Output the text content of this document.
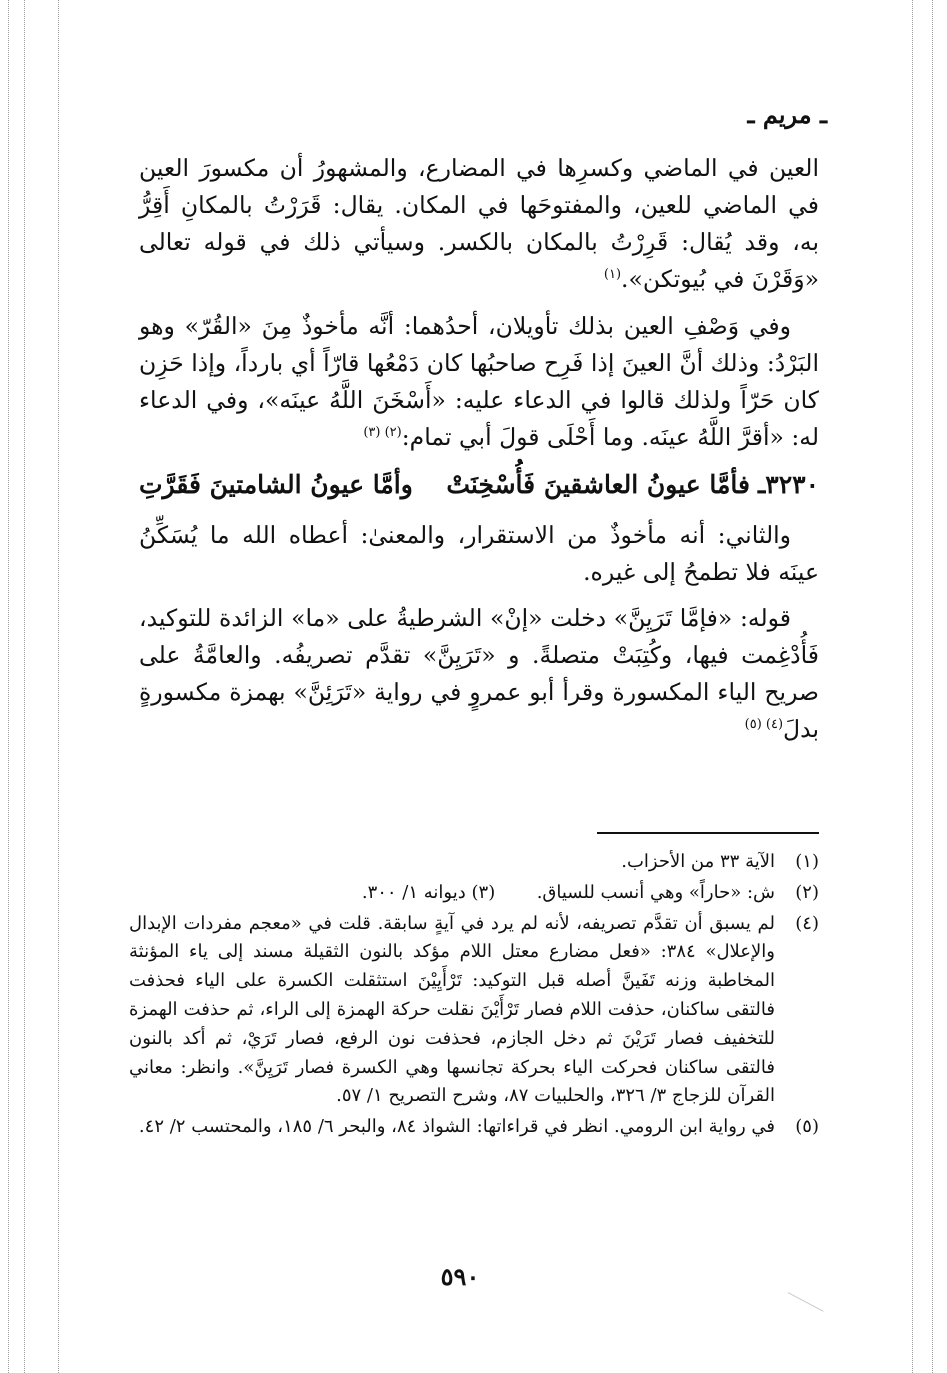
ـ مريم ـ

العين في الماضي وكسرِها في المضارع، والمشهورُ أن مكسورَ العين في الماضي للعين، والمفتوحَها في المكان. يقال: قَرَرْتُ بالمكانِ أَقِرُّ به، وقد يُقال: قَرِرْتُ بالمكان بالكسر. وسيأتي ذلك في قوله تعالى «وَقَرْنَ في بُيوتكن».$^{(١)}$

وفي وَصْفِ العين بذلك تأويلان، أحدُهما: أنَّه مأخوذٌ مِنَ «القُرّ» وهو البَرْدُ: وذلك أنَّ العينَ إذا فَرِح صاحبُها كان دَمْعُها قارّاً أي بارداً، وإذا حَزِن كان حَرّاً ولذلك قالوا في الدعاء عليه: «أَسْخَنَ اللَّهُ عينَه»، وفي الدعاء له: «أقرَّ اللَّهُ عينَه. وما أَحْلَى قولَ أبي تمام:$^{(٢) (٣)}$

٣٢٣٠ـ
فأمَّا عيونُ العاشقينَ فَأُسْخِنَتْ
وأمَّا عيونُ الشامتينَ فَقَرَّتِ

والثاني: أنه مأخوذٌ من الاستقرار، والمعنىٰ: أعطاه الله ما يُسَكِّنُ عينَه فلا تطمحُ إلى غيره.

قوله: «فإمَّا تَرَيِنَّ» دخلت «إنْ» الشرطيةُ على «ما» الزائدة للتوكيد، فَأُدْغِمت فيها، وكُتِبَتْ متصلةً. و «تَرَيِنَّ» تقدَّم تصريفُه. والعامَّةُ على صريح الياء المكسورة وقرأ أبو عمروٍ في رواية «تَرَئِنَّ» بهمزة مكسورةٍ بدلَ$^{(٤) (٥)}$

(١)
الآية ٣٣ من الأحزاب.
(٢)
ش: «حاراً» وهي أنسب للسياق.  (٣) ديوانه ١/ ٣٠٠.
(٤)
لم يسبق أن تقدَّم تصريفه، لأنه لم يرد في آيةٍ سابقة. قلت في «معجم مفردات الإبدال والإعلال» ٣٨٤: «فعل مضارع معتل اللام مؤكد بالنون الثقيلة مسند إلى ياء المؤنثة المخاطبة وزنه تَفَينَّ أصله قبل التوكيد: تَرْأَيِيْنَ استثقلت الكسرة على الياء فحذفت فالتقى ساكنان، حذفت اللام فصار تَرْأَيْنَ نقلت حركة الهمزة إلى الراء، ثم حذفت الهمزة للتخفيف فصار تَرَيْنَ ثم دخل الجازم، فحذفت نون الرفع، فصار تَرَيْ، ثم أكد بالنون فالتقى ساكنان فحركت الياء بحركة تجانسها وهي الكسرة فصار تَرَيِنَّ». وانظر: معاني القرآن للزجاج ٣/ ٣٢٦، والحلبيات ٨٧، وشرح التصريح ١/ ٥٧.
(٥)
في رواية ابن الرومي. انظر في قراءاتها: الشواذ ٨٤، والبحر ٦/ ١٨٥، والمحتسب ٢/ ٤٢.
٥٩٠
